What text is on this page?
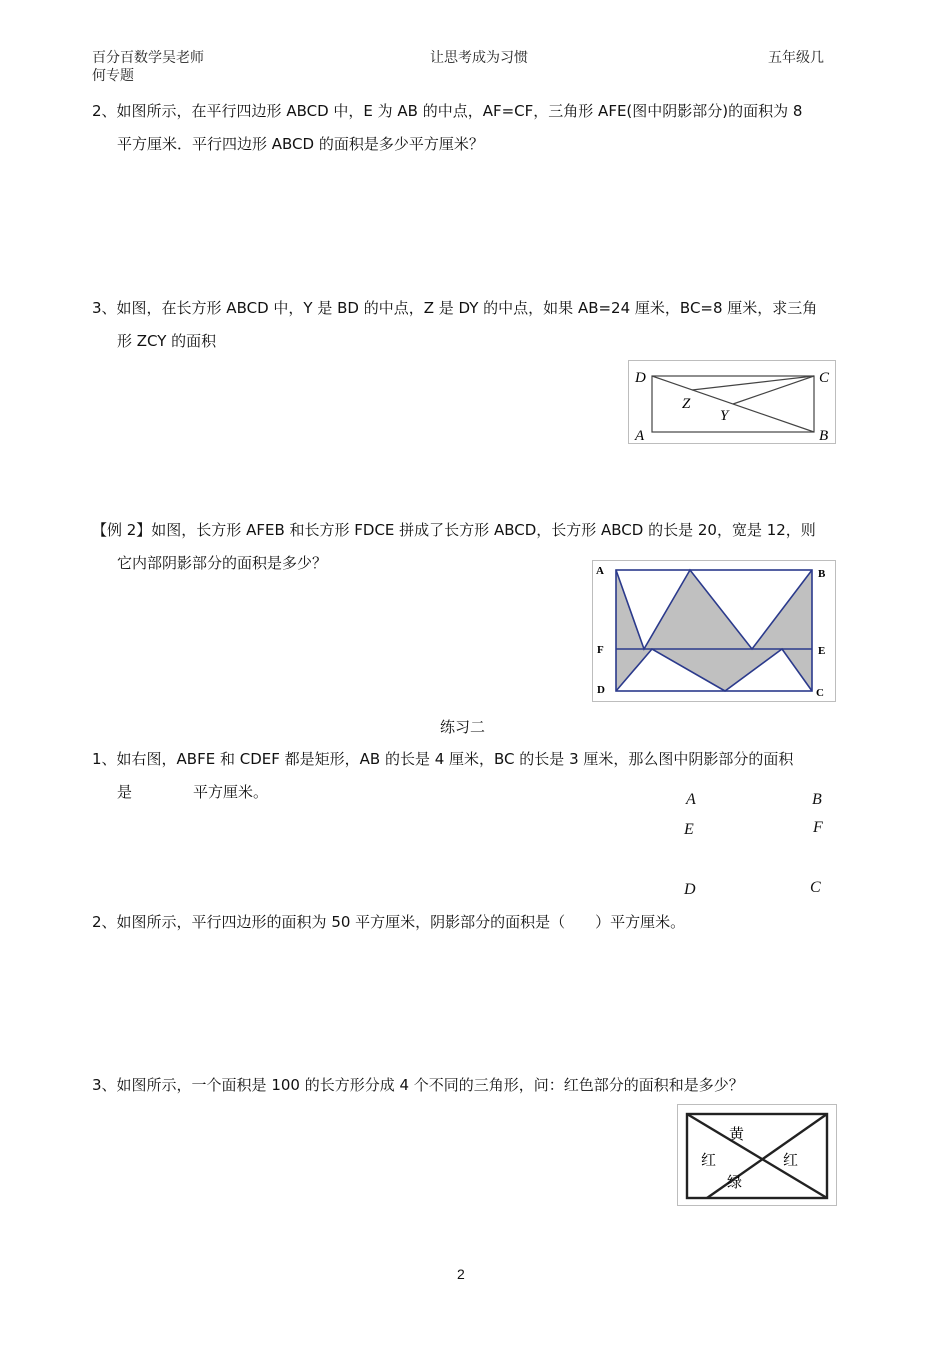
百分百数学吴老师
何专题
让思考成为习惯	五年级几
2、如图所示，在平行四边形 ABCD 中，E 为 AB 的中点，AF=CF，三角形 AFE(图中阴影部分)的面积为 8
平方厘米．平行四边形 ABCD 的面积是多少平方厘米？
3、如图，在长方形 ABCD 中，Y 是 BD 的中点，Z 是 DY 的中点，如果 AB=24 厘米，BC=8 厘米，求三角
形 ZCY 的面积
D	C
A	B
Z
Y
【例 2】如图，长方形 AFEB 和长方形 FDCE 拼成了长方形 ABCD，长方形 ABCD 的长是 20，宽是 12，则
它内部阴影部分的面积是多少？	A	B
F	E
D	C
练习二
1、如右图，ABFE 和 CDEF 都是矩形，AB 的长是 4 厘米，BC 的长是 3 厘米，那么图中阴影部分的面积
是	平方厘米。	A	B
E	F
D	C
2、如图所示，平行四边形的面积为 50 平方厘米，阴影部分的面积是（　　）平方厘米。
3、如图所示，一个面积是 100 的长方形分成 4 个不同的三角形，问：红色部分的面积和是多少？
黄
红	红
绿
2
